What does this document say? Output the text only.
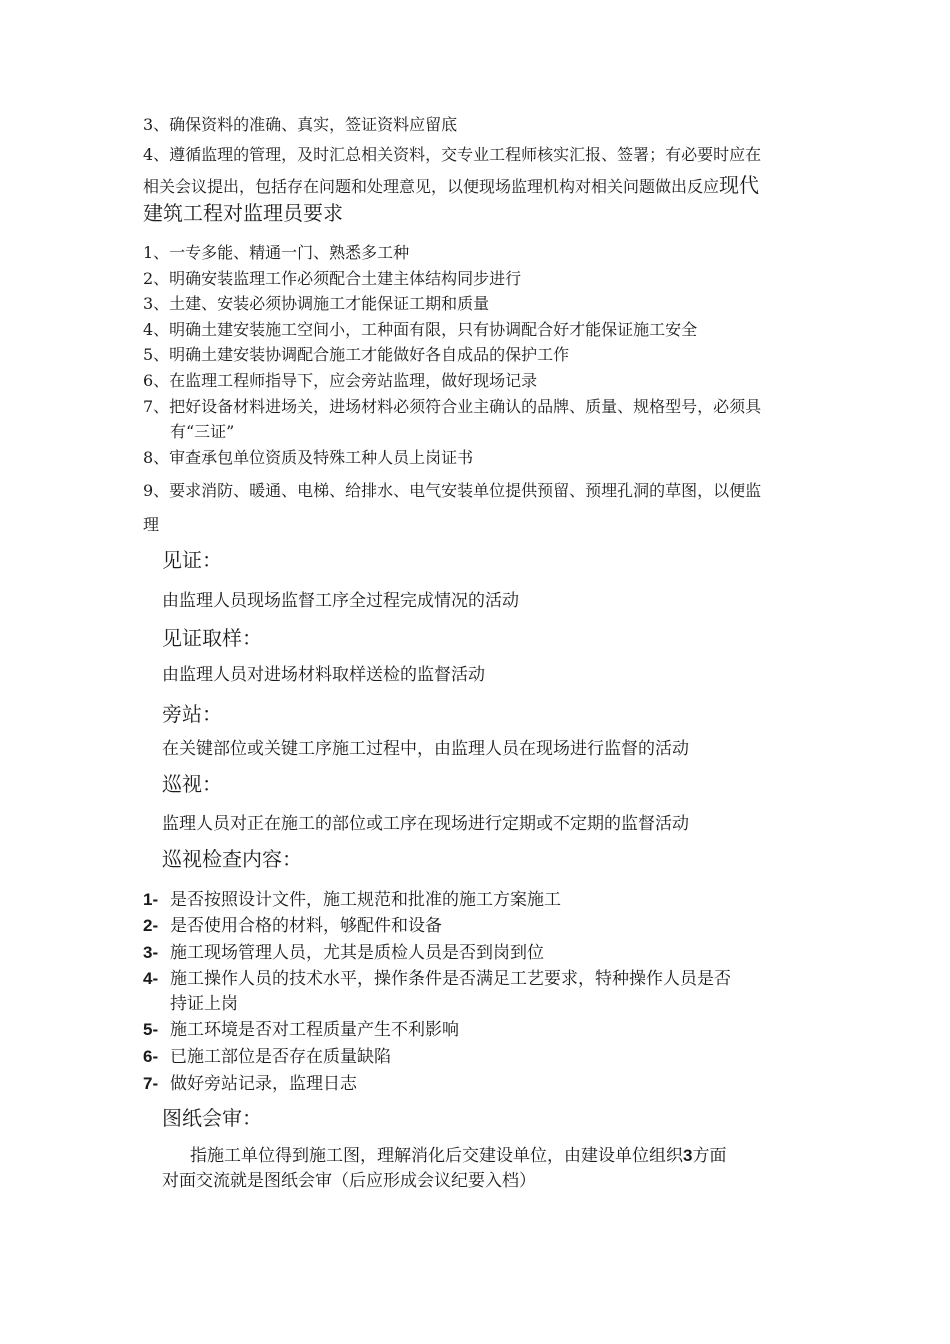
3、确保资料的准确、真实，签证资料应留底
4、遵循监理的管理，及时汇总相关资料，交专业工程师核实汇报、签署；有必要时应在
相关会议提出，包括存在问题和处理意见，以便现场监理机构对相关问题做出反应现代
建筑工程对监理员要求
1、一专多能、精通一门、熟悉多工种
2、明确安装监理工作必须配合土建主体结构同步进行
3、土建、安装必须协调施工才能保证工期和质量
4、明确土建安装施工空间小，工种面有限，只有协调配合好才能保证施工安全
5、明确土建安装协调配合施工才能做好各自成品的保护工作
6、在监理工程师指导下，应会旁站监理，做好现场记录
7、把好设备材料进场关，进场材料必须符合业主确认的品牌、质量、规格型号，必须具
有“三证”
8、审查承包单位资质及特殊工种人员上岗证书
9、要求消防、暖通、电梯、给排水、电气安装单位提供预留、预埋孔洞的草图，以便监
理
见证：
由监理人员现场监督工序全过程完成情况的活动
见证取样：
由监理人员对进场材料取样送检的监督活动
旁站：
在关键部位或关键工序施工过程中，由监理人员在现场进行监督的活动
巡视：
监理人员对正在施工的部位或工序在现场进行定期或不定期的监督活动
巡视检查内容：
1- 是否按照设计文件，施工规范和批准的施工方案施工
2- 是否使用合格的材料，够配件和设备
3- 施工现场管理人员，尤其是质检人员是否到岗到位
4- 施工操作人员的技术水平，操作条件是否满足工艺要求，特种操作人员是否
持证上岗
5- 施工环境是否对工程质量产生不利影响
6- 已施工部位是否存在质量缺陷
7- 做好旁站记录，监理日志
图纸会审：
指施工单位得到施工图，理解消化后交建设单位，由建设单位组织3方面
对面交流就是图纸会审（后应形成会议纪要入档）
